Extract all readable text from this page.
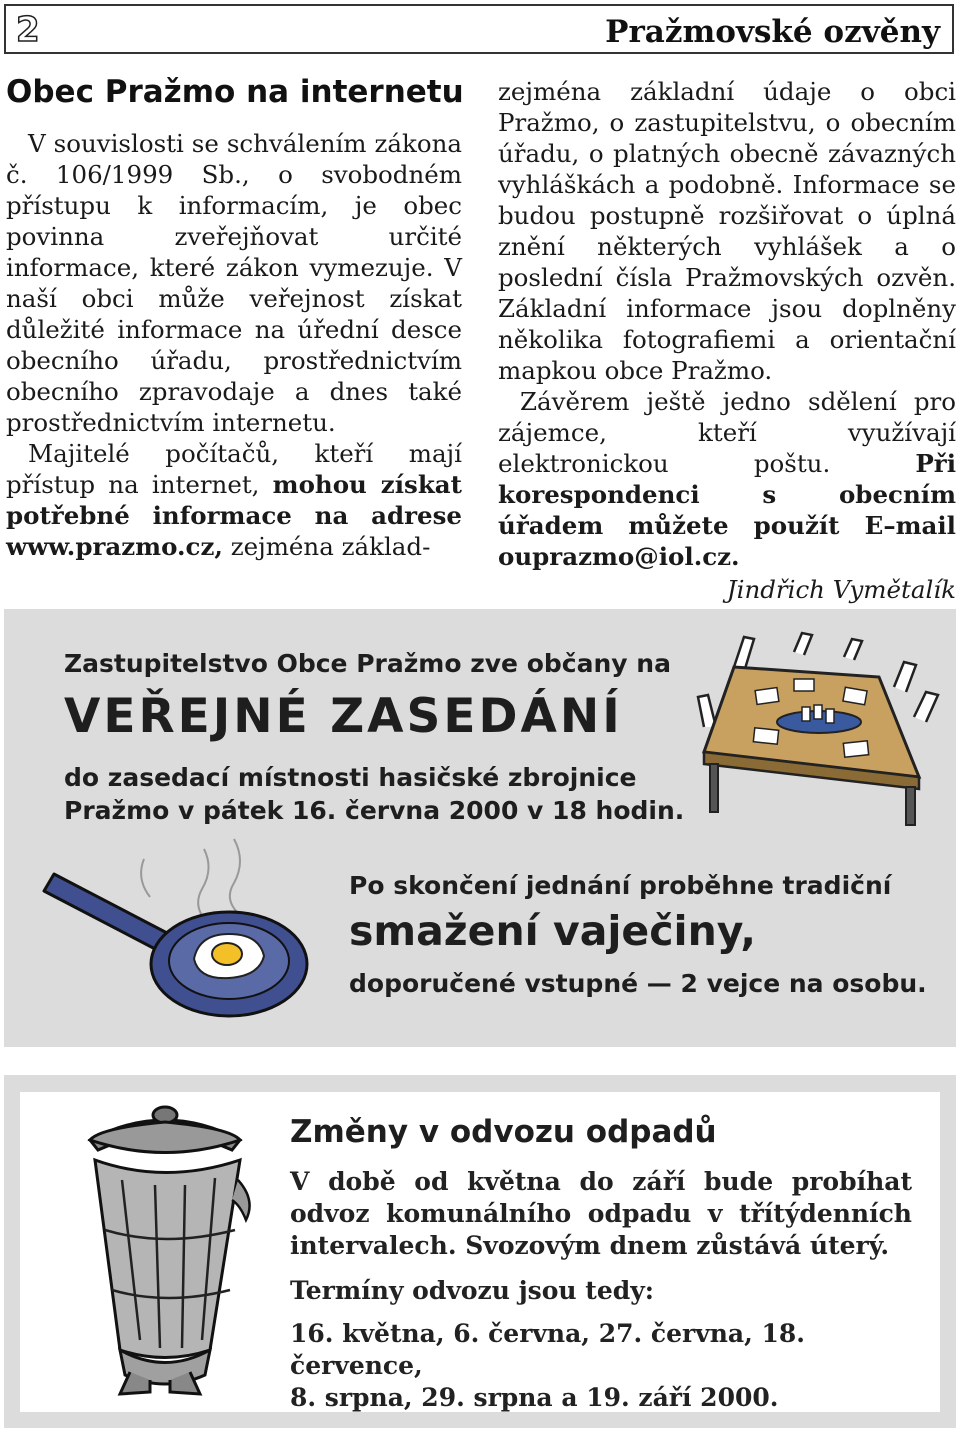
2	Pražmovské ozvěny
Obec Pražmo na internetu

V souvislosti se schválením zákona č. 106/1999 Sb., o svobodném přístupu k informacím, je obec povinna zveřejňovat určité informace, které zákon vymezuje. V naší obci může veřejnost získat důležité informace na úřední desce obecního úřadu, prostřednictvím obecního zpravodaje a dnes také prostřednictvím internetu.

Majitelé počítačů, kteří mají přístup na internet, mohou získat potřebné informace na adrese www.prazmo.cz, zejména základ-

zejména základní údaje o obci Pražmo, o zastupitelstvu, o obecním úřadu, o platných obecně závazných vyhláškách a podobně. Informace se budou postupně rozšiřovat o úplná znění některých vyhlášek a o poslední čísla Pražmovských ozvěn. Základní informace jsou doplněny několika fotografiemi a orientační mapkou obce Pražmo.

Závěrem ještě jedno sdělení pro zájemce, kteří využívají elektronickou poštu.	Při korespondenci s obecním úřadem můžete použít E–mail ouprazmo@iol.cz.

Jindřich Vymětalík

Zastupitelstvo Obce Pražmo zve občany na

VEŘEJNÉ ZASEDÁNÍ

do zasedací místnosti hasičské zbrojnice
Pražmo v pátek 16. června 2000 v 18 hodin.

Po skončení jednání proběhne tradiční

smažení vaječiny,

doporučené vstupné — 2 vejce na osobu.

Změny v odvozu odpadů

V době od května do září bude probíhat odvoz komunálního odpadu v třítýdenních intervalech. Svozovým dnem zůstává úterý.

Termíny odvozu jsou tedy:

16. května, 6. června, 27. června, 18. července,
8. srpna, 29. srpna a 19. září 2000.
